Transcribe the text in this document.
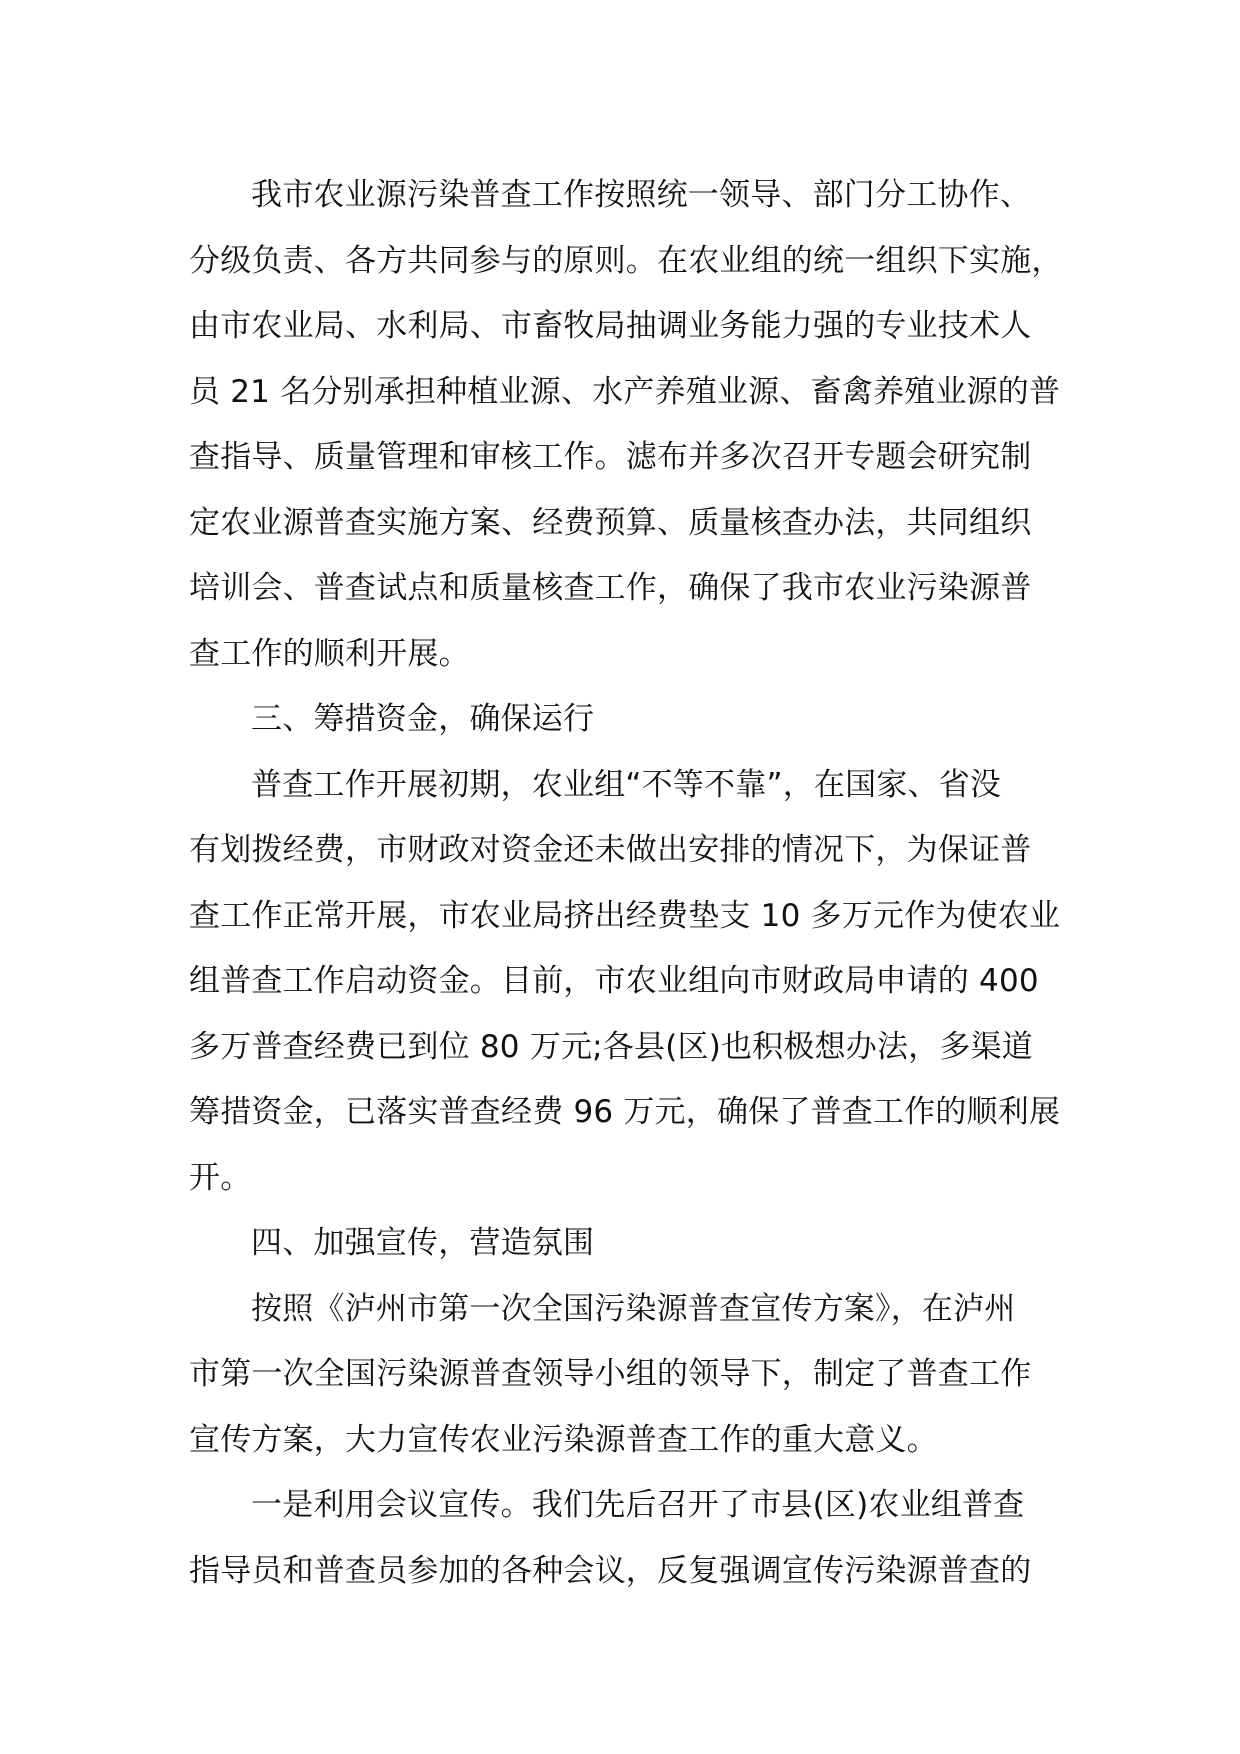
我市农业源污染普查工作按照统一领导、部门分工协作、
分级负责、各方共同参与的原则。在农业组的统一组织下实施，
由市农业局、水利局、市畜牧局抽调业务能力强的专业技术人
员 21 名分别承担种植业源、水产养殖业源、畜禽养殖业源的普
查指导、质量管理和审核工作。滤布并多次召开专题会研究制
定农业源普查实施方案、经费预算、质量核查办法，共同组织
培训会、普查试点和质量核查工作，确保了我市农业污染源普
查工作的顺利开展。
三、筹措资金，确保运行
普查工作开展初期，农业组“不等不靠”，在国家、省没
有划拨经费，市财政对资金还未做出安排的情况下，为保证普
查工作正常开展，市农业局挤出经费垫支 10 多万元作为使农业
组普查工作启动资金。目前，市农业组向市财政局申请的 400
多万普查经费已到位 80 万元;各县(区)也积极想办法，多渠道
筹措资金，已落实普查经费 96 万元，确保了普查工作的顺利展
开。
四、加强宣传，营造氛围
按照《泸州市第一次全国污染源普查宣传方案》，在泸州
市第一次全国污染源普查领导小组的领导下，制定了普查工作
宣传方案，大力宣传农业污染源普查工作的重大意义。
一是利用会议宣传。我们先后召开了市县(区)农业组普查
指导员和普查员参加的各种会议，反复强调宣传污染源普查的
